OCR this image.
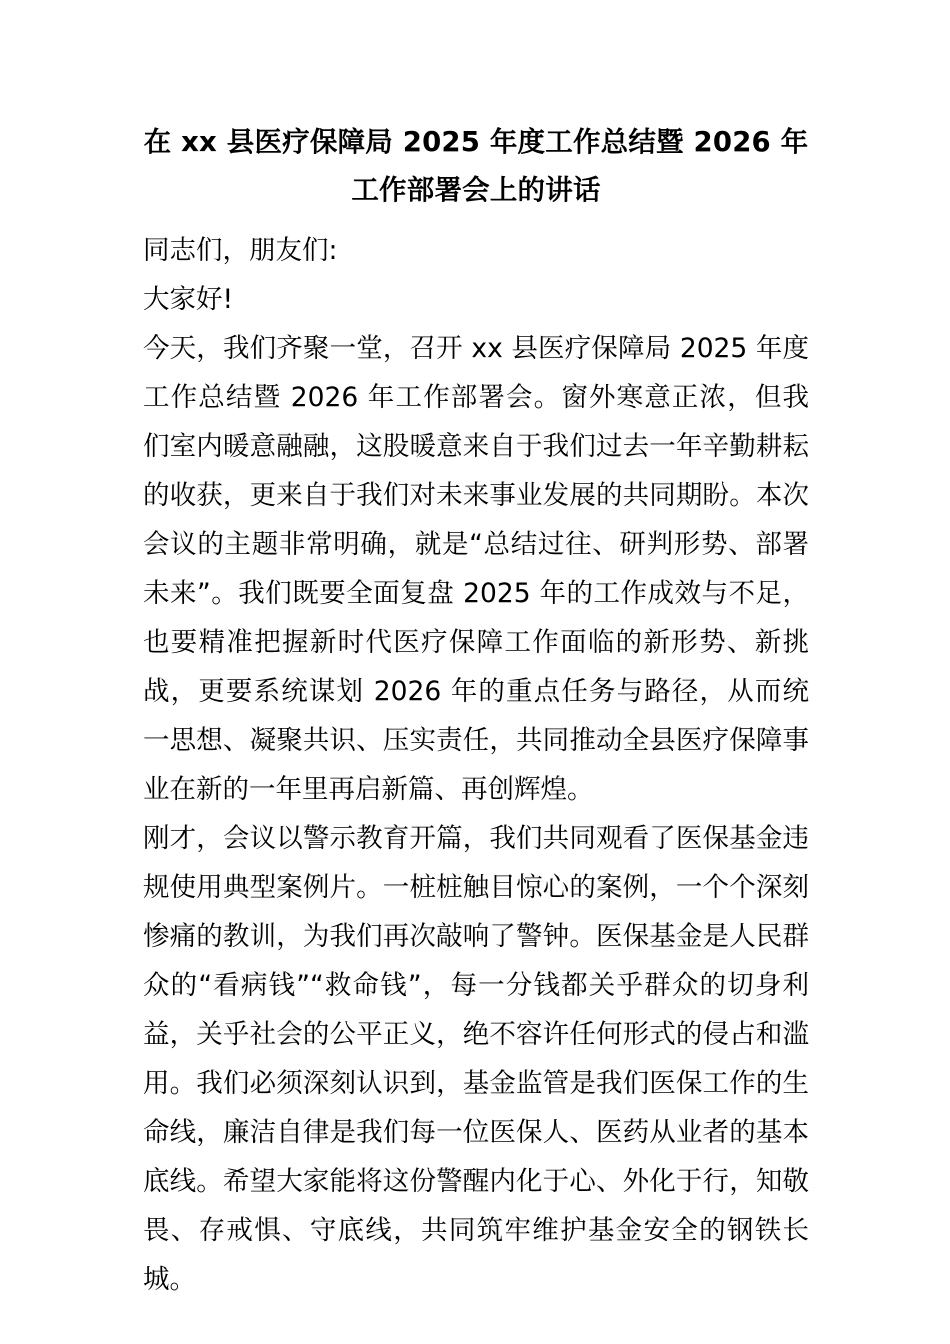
在 xx 县医疗保障局 2025 年度工作总结暨 2026 年工作部署会上的讲话

同志们，朋友们:

大家好!

今天，我们齐聚一堂，召开 xx 县医疗保障局 2025 年度工作总结暨 2026 年工作部署会。窗外寒意正浓，但我们室内暖意融融，这股暖意来自于我们过去一年辛勤耕耘的收获，更来自于我们对未来事业发展的共同期盼。本次会议的主题非常明确，就是“总结过往、研判形势、部署未来”。我们既要全面复盘 2025 年的工作成效与不足，也要精准把握新时代医疗保障工作面临的新形势、新挑战，更要系统谋划 2026 年的重点任务与路径，从而统一思想、凝聚共识、压实责任，共同推动全县医疗保障事业在新的一年里再启新篇、再创辉煌。

刚才，会议以警示教育开篇，我们共同观看了医保基金违规使用典型案例片。一桩桩触目惊心的案例，一个个深刻惨痛的教训，为我们再次敲响了警钟。医保基金是人民群众的“看病钱”“救命钱”，每一分钱都关乎群众的切身利益，关乎社会的公平正义，绝不容许任何形式的侵占和滥用。我们必须深刻认识到，基金监管是我们医保工作的生命线，廉洁自律是我们每一位医保人、医药从业者的基本底线。希望大家能将这份警醒内化于心、外化于行，知敬畏、存戒惧、守底线，共同筑牢维护基金安全的钢铁长城。
